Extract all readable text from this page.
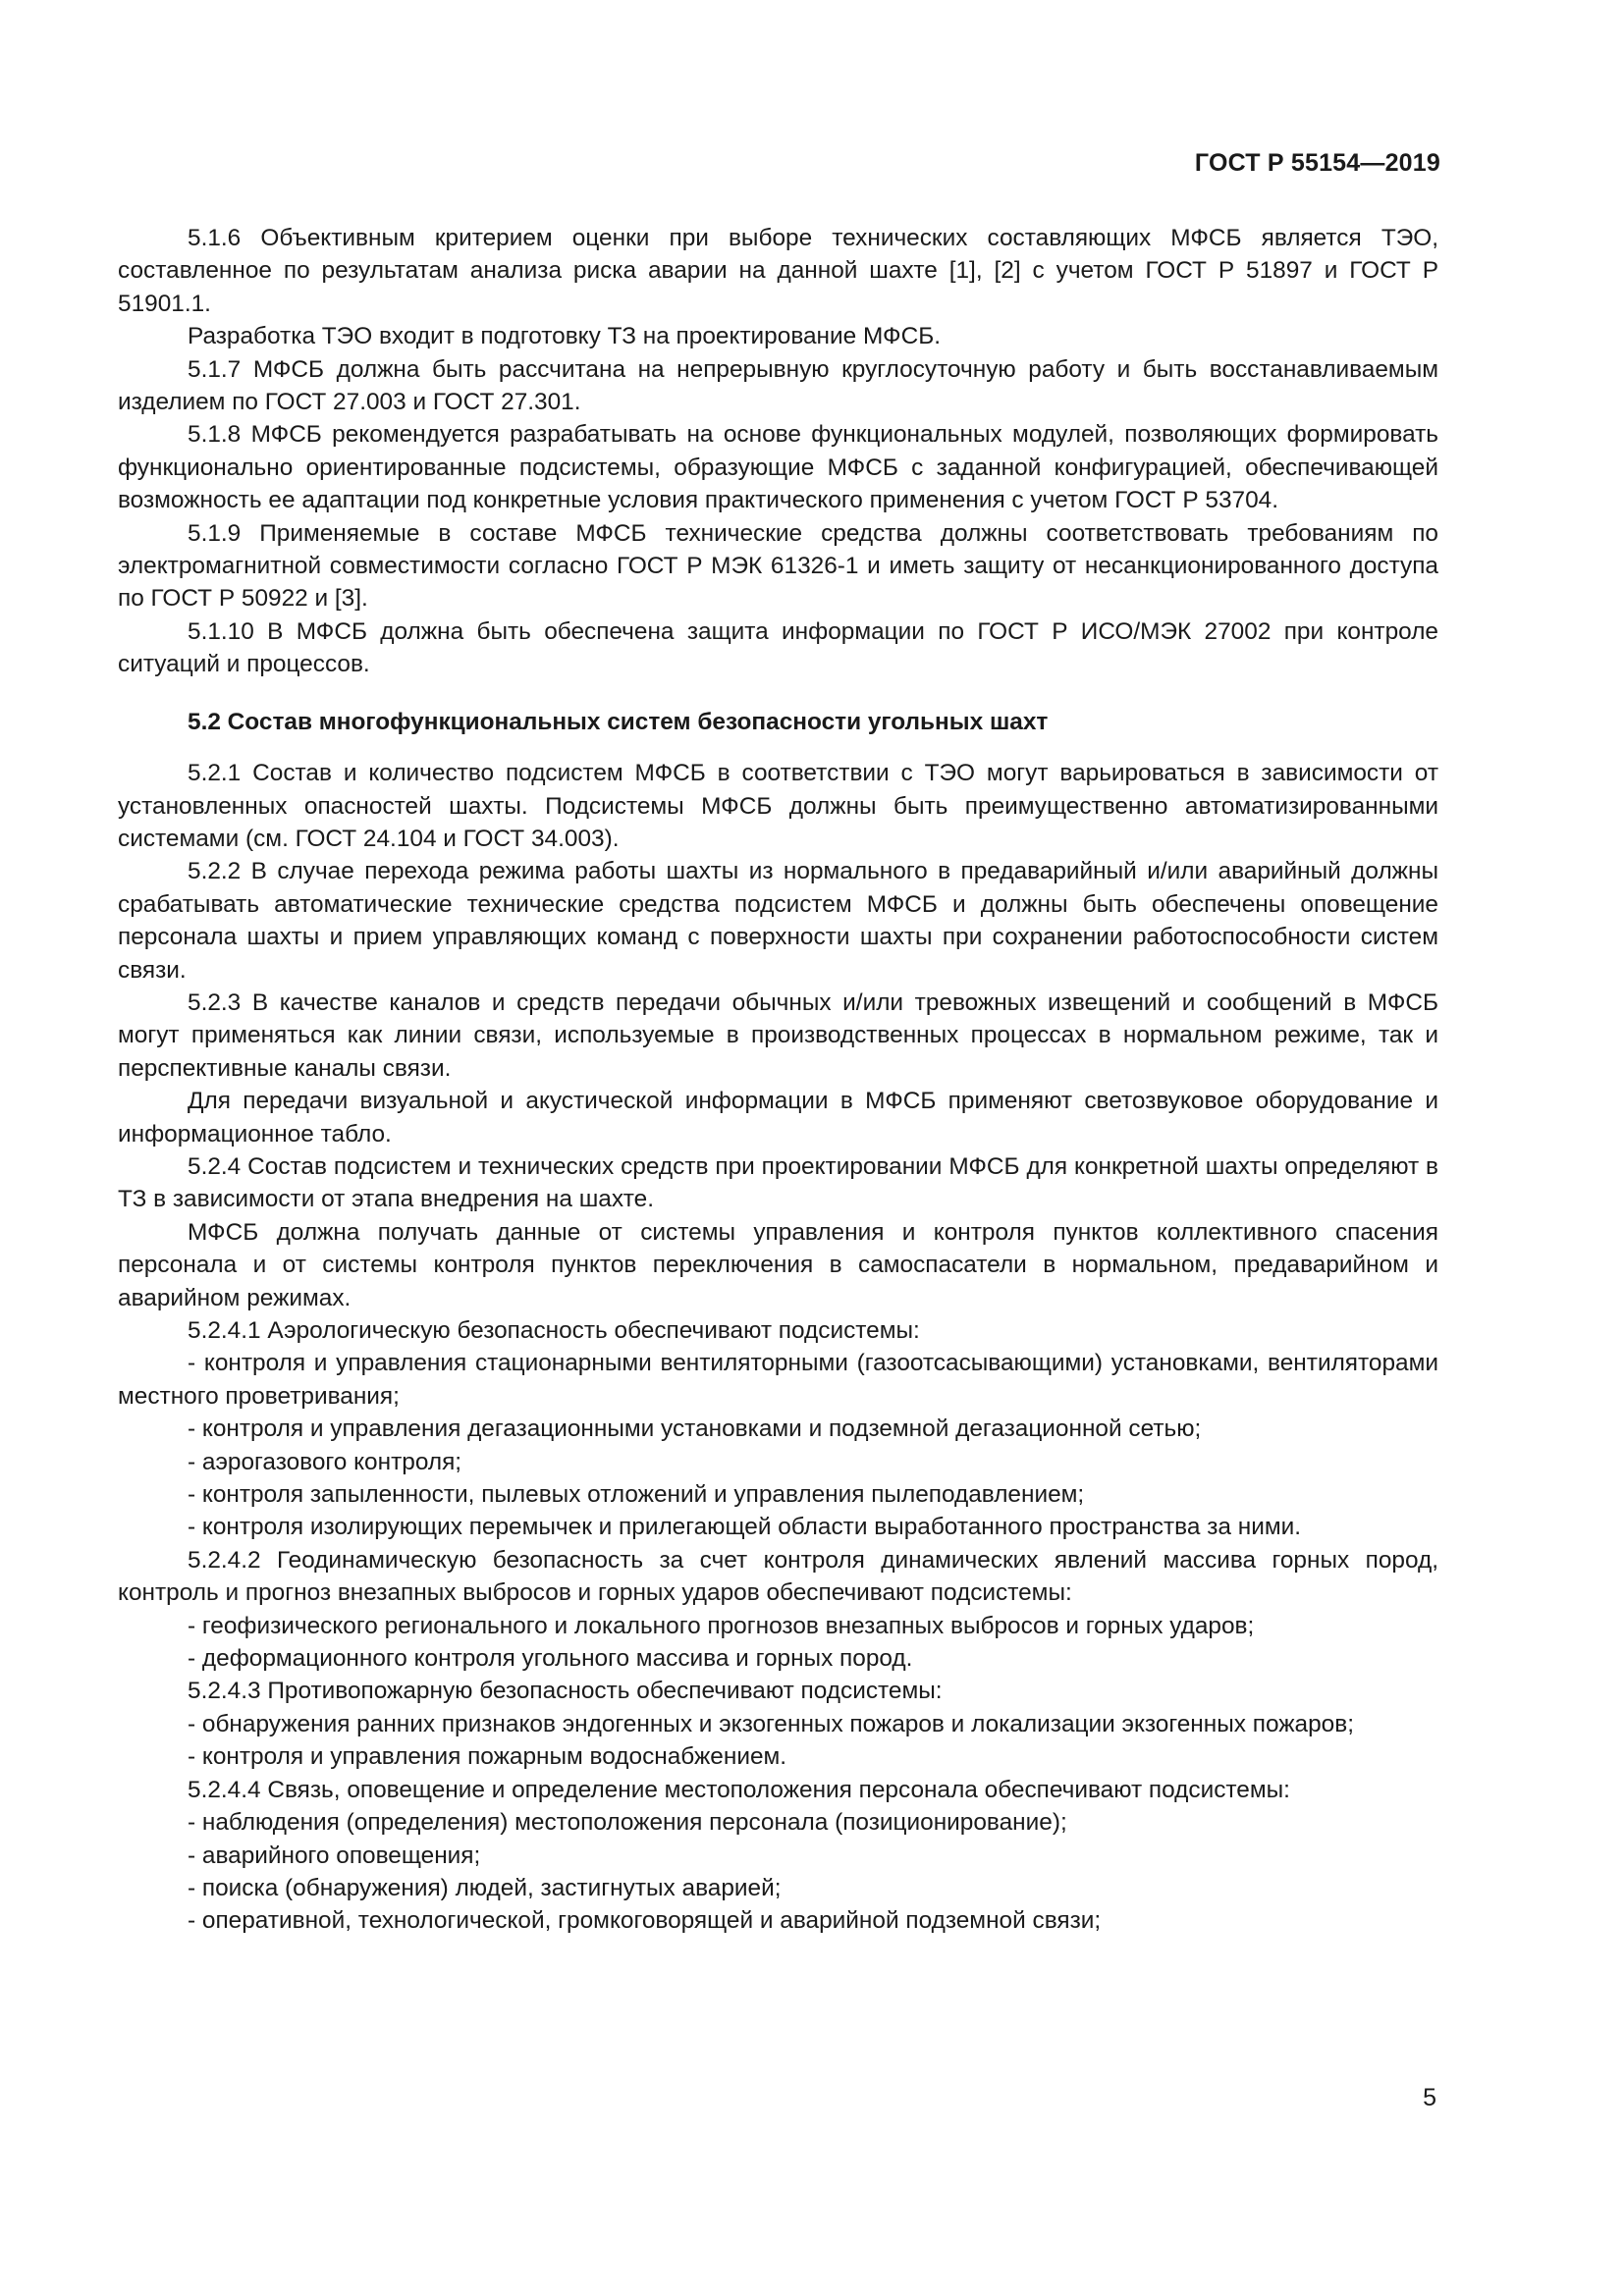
ГОСТ Р 55154—2019

5.1.6 Объективным критерием оценки при выборе технических составляющих МФСБ является ТЭО, составленное по результатам анализа риска аварии на данной шахте [1], [2] с учетом ГОСТ Р 51897 и ГОСТ Р 51901.1.

Разработка ТЭО входит в подготовку ТЗ на проектирование МФСБ.

5.1.7 МФСБ должна быть рассчитана на непрерывную круглосуточную работу и быть восстанавливаемым изделием по ГОСТ 27.003 и ГОСТ 27.301.

5.1.8 МФСБ рекомендуется разрабатывать на основе функциональных модулей, позволяющих формировать функционально ориентированные подсистемы, образующие МФСБ с заданной конфигурацией, обеспечивающей возможность ее адаптации под конкретные условия практического применения с учетом ГОСТ Р 53704.

5.1.9 Применяемые в составе МФСБ технические средства должны соответствовать требованиям по электромагнитной совместимости согласно ГОСТ Р МЭК 61326-1 и иметь защиту от несанкционированного доступа по ГОСТ Р 50922 и [3].

5.1.10 В МФСБ должна быть обеспечена защита информации по ГОСТ Р ИСО/МЭК 27002 при контроле ситуаций и процессов.

5.2 Состав многофункциональных систем безопасности угольных шахт

5.2.1 Состав и количество подсистем МФСБ в соответствии с ТЭО могут варьироваться в зависимости от установленных опасностей шахты. Подсистемы МФСБ должны быть преимущественно автоматизированными системами (см. ГОСТ 24.104 и ГОСТ 34.003).

5.2.2 В случае перехода режима работы шахты из нормального в предаварийный и/или аварийный должны срабатывать автоматические технические средства подсистем МФСБ и должны быть обеспечены оповещение персонала шахты и прием управляющих команд с поверхности шахты при сохранении работоспособности систем связи.

5.2.3 В качестве каналов и средств передачи обычных и/или тревожных извещений и сообщений в МФСБ могут применяться как линии связи, используемые в производственных процессах в нормальном режиме, так и перспективные каналы связи.

Для передачи визуальной и акустической информации в МФСБ применяют светозвуковое оборудование и информационное табло.

5.2.4 Состав подсистем и технических средств при проектировании МФСБ для конкретной шахты определяют в ТЗ в зависимости от этапа внедрения на шахте.

МФСБ должна получать данные от системы управления и контроля пунктов коллективного спасения персонала и от системы контроля пунктов переключения в самоспасатели в нормальном, предаварийном и аварийном режимах.

5.2.4.1 Аэрологическую безопасность обеспечивают подсистемы:

- контроля и управления стационарными вентиляторными (газоотсасывающими) установками, вентиляторами местного проветривания;

- контроля и управления дегазационными установками и подземной дегазационной сетью;

- аэрогазового контроля;

- контроля запыленности, пылевых отложений и управления пылеподавлением;

- контроля изолирующих перемычек и прилегающей области выработанного пространства за ними.

5.2.4.2 Геодинамическую безопасность за счет контроля динамических явлений массива горных пород, контроль и прогноз внезапных выбросов и горных ударов обеспечивают подсистемы:

- геофизического регионального и локального прогнозов внезапных выбросов и горных ударов;

- деформационного контроля угольного массива и горных пород.

5.2.4.3 Противопожарную безопасность обеспечивают подсистемы:

- обнаружения ранних признаков эндогенных и экзогенных пожаров и локализации экзогенных пожаров;

- контроля и управления пожарным водоснабжением.

5.2.4.4 Связь, оповещение и определение местоположения персонала обеспечивают подсистемы:

- наблюдения (определения) местоположения персонала (позиционирование);

- аварийного оповещения;

- поиска (обнаружения) людей, застигнутых аварией;

- оперативной, технологической, громкоговорящей и аварийной подземной связи;

5
